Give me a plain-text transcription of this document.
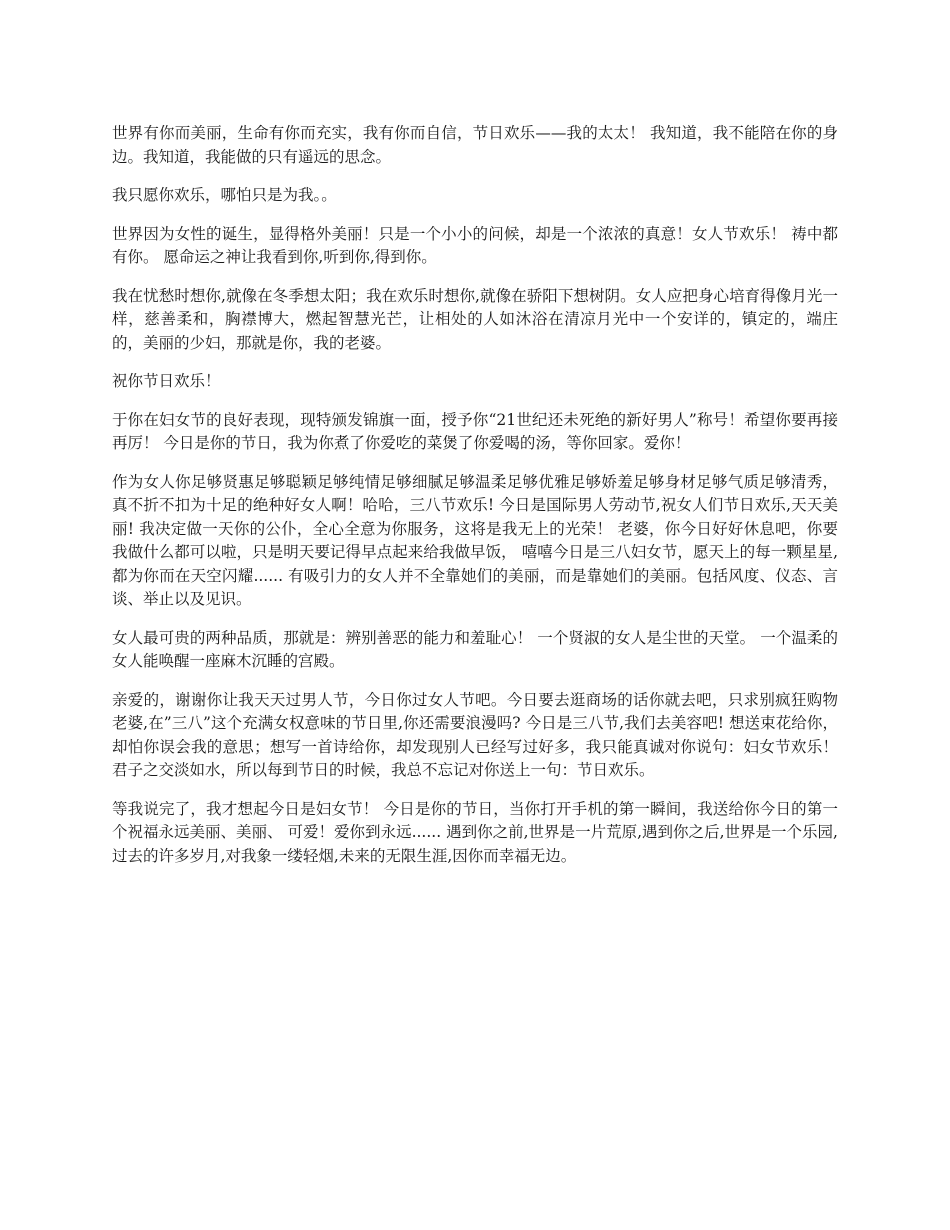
世界有你而美丽，生命有你而充实，我有你而自信，节日欢乐——我的太太！ 我知道，我不能陪在你的身边。我知道，我能做的只有遥远的思念。

我只愿你欢乐，哪怕只是为我。。

世界因为女性的诞生，显得格外美丽！只是一个小小的问候，却是一个浓浓的真意！女人节欢乐！ 祷中都有你。 愿命运之神让我看到你,听到你,得到你。

我在忧愁时想你,就像在冬季想太阳；我在欢乐时想你,就像在骄阳下想树阴。女人应把身心培育得像月光一样，慈善柔和，胸襟博大，燃起智慧光芒，让相处的人如沐浴在清凉月光中一个安详的，镇定的，端庄的，美丽的少妇，那就是你，我的老婆。

祝你节日欢乐！

于你在妇女节的良好表现，现特颁发锦旗一面，授予你“21世纪还未死绝的新好男人”称号！希望你要再接再厉！ 今日是你的节日，我为你煮了你爱吃的菜煲了你爱喝的汤，等你回家。爱你！

作为女人你足够贤惠足够聪颖足够纯情足够细腻足够温柔足够优雅足够娇羞足够身材足够气质足够清秀，真不折不扣为十足的绝种好女人啊！哈哈，三八节欢乐! 今日是国际男人劳动节,祝女人们节日欢乐,天天美丽! 我决定做一天你的公仆，全心全意为你服务，这将是我无上的光荣！ 老婆，你今日好好休息吧，你要我做什么都可以啦，只是明天要记得早点起来给我做早饭， 嘻嘻今日是三八妇女节，愿天上的每一颗星星,都为你而在天空闪耀...... 有吸引力的女人并不全靠她们的美丽，而是靠她们的美丽。包括风度、仪态、言谈、举止以及见识。

女人最可贵的两种品质，那就是：辨别善恶的能力和羞耻心！ 一个贤淑的女人是尘世的天堂。 一个温柔的女人能唤醒一座麻木沉睡的宫殿。

亲爱的，谢谢你让我天天过男人节，今日你过女人节吧。今日要去逛商场的话你就去吧，只求别疯狂购物 老婆,在”三八”这个充满女权意味的节日里,你还需要浪漫吗? 今日是三八节,我们去美容吧! 想送束花给你，却怕你误会我的意思；想写一首诗给你，却发现别人已经写过好多，我只能真诚对你说句：妇女节欢乐！ 君子之交淡如水，所以每到节日的时候，我总不忘记对你送上一句：节日欢乐。

等我说完了，我才想起今日是妇女节！ 今日是你的节日，当你打开手机的第一瞬间，我送给你今日的第一个祝福永远美丽、美丽、 可爱！爱你到永远...... 遇到你之前,世界是一片荒原,遇到你之后,世界是一个乐园,过去的许多岁月,对我象一缕轻烟,未来的无限生涯,因你而幸福无边。
